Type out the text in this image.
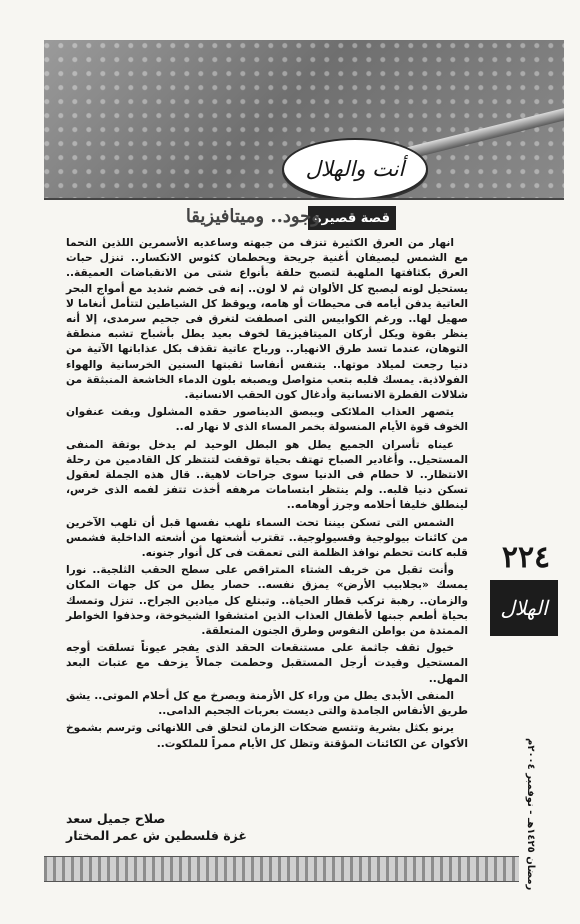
أنت والهلال
قصة قصيرة
وجود.. وميتافيزيقا

انهار من العرق الكثيرة تنزف من جبهته وساعديه الأسمرين اللذين التحما مع الشمس ليصيفان أغنية جريحة ويحطمان كئوس الانكسار.. تنزل حبات العرق بكثافتها الملهبة لتصبح حلقة بأنواع شتى من الانقباضات العميقة.. يستحيل لونه ليصبح كل الألوان ثم لا لون.. إنه فى خضم شديد مع أمواج البحر العاتية يدفن أيامه فى محيطات أو هامه، ويوقظ كل الشياطين لتتأمل أنغاما لا صهيل لها.. ورغم الكوابيس التى اصطفت لتغرق فى جحيم سرمدى، إلا أنه ينظر بقوة ويكل أركان الميتافيزيقا لخوف بعيد يطل بأشباح تشبه منطقة التوهان، عندما تسد طرق الانهيار.. ورياح عاتية تقذف بكل عذاباتها الآتية من دنيا رجعت لميلاد موتها.. يتنفس أنفاسا ثقبتها السنين الخرسانية والهواء الفولاذية. يمسك قلبه بتعب متواصل ويصبغه بلون الدماء الخاشعة المنبثقة من شلالات الفطرة الانسانية وأدغال كون الحقب الانسانية.

يتصهر العذاب الملائكى ويبصق الديناصور حقده المشلول ويفت عنفوان الخوف قوة الأيام المنسولة بخمر المساء الذى لا نهار له..

عيناه تأسران الجميع يطل هو البطل الوحيد لم يدخل بوتقة المنفى المستحيل.. وأغادير الصباح تهتف بحياة توقفت لتنتظر كل القادمين من رحلة الانتظار.. لا حطام فى الدنيا سوى جراحات لاهية.. قال هذه الجملة لعقول تسكن دنيا قلبه.. ولم ينتظر ابتسامات مرهفه أخذت تتفز لفمه الذى خرس، لينطلق خليفا أحلامه وجرز أوهامه..

الشمس التى تسكن بيننا تحت السماء تلهب نفسها قبل أن تلهب الآخرين من كائنات بيولوجية وفسيولوجية.. تقترب أشعتها من أشعته الداخلية فشمس قلبه كانت تحطم نوافذ الظلمة التى تعمقت فى كل أنوار جنونه.

وأنت تقبل من خريف الشتاء المتراقص على سطح الحقب الثلجية.. نورا يمسك «بجلابيب الأرض» يمزق نفسه.. حصار يطل من كل جهات المكان والزمان.. رهبة تركب قطار الحياة.. وتبتلع كل ميادين الجراح.. تنزل وتمسك بحياة أطعم جبنها لأطفال العذاب الذين امتشقوا الشيخوخة، وحذفوا الخواطر الممتدة من بواطن النفوس وطرق الجنون المتعلقة.

خيول تقف جاثمة على مستنقعات الحقد الذى يفجر عيوناً تسلقت أوجه المستحيل وقيدت أرجل المستقبل وحطمت جمالاً يزحف مع عتبات البعد المهل..

المنفى الأبدى يطل من وراء كل الأزمنة ويصرخ مع كل أحلام الموتى.. يشق طريق الأنفاس الجامدة والتى ديست بعربات الجحيم الدامى..

يرنو بكثل بشرية وتتسع ضحكات الزمان لتحلق فى اللانهائى وترسم بشموخ الأكوان عن الكائنات المؤقتة وتظل كل الأيام ممراً للملكوت..

صلاح جميل سعد
غزة فلسطين ش عمر المختار
٢٢٤
الهلال
رمضان ١٤٢٥هـ - نوفمبر ٢٠٠٤م
